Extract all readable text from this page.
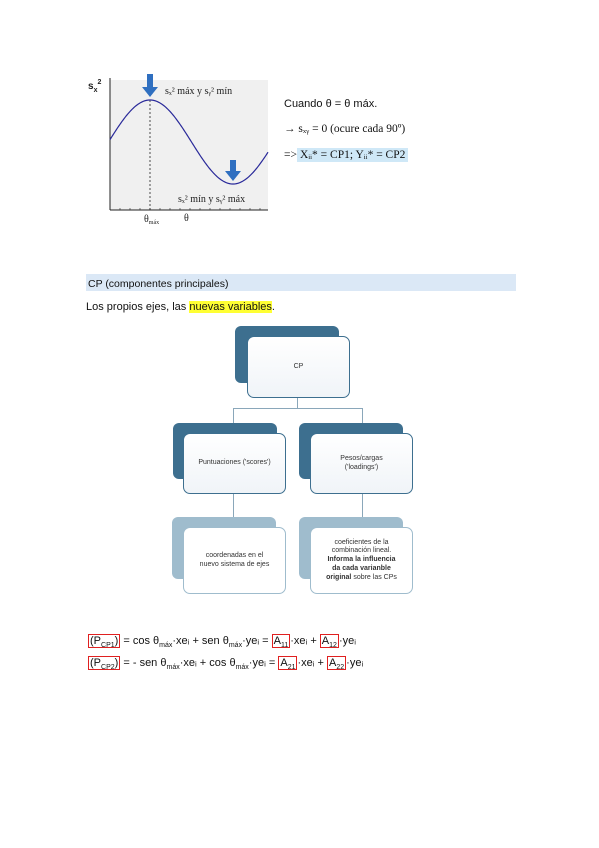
$s_x^2$
sₓ² máx y sᵧ² mín
sₓ² mín y sᵧ² máx
$\theta_{máx}$ θ
Cuando θ = θ máx.
→ sₓᵧ = 0 (ocure cada 90º)
=> Xᵢᵢ* = CP1; Yᵢᵢ* = CP2
CP (componentes principales)
Los propios ejes, las nuevas variables.
CP
Puntuaciones ('scores')
Pesos/cargas
('loadings')
coordenadas en el
nuevo sistema de ejes
coeficientes de la
combinación lineal.
Informa la influencia
da cada varianble
original sobre las CPs
$(P_{CP1}) = \cos$ $\theta_{máx}\cdot xeᵢ$ + sen $\theta_{máx}\cdot yeᵢ = A_{11}$ ·xeᵢ + $A_{12}$ ·yeᵢ
$(P_{CP2})$ = - sen $\theta_{máx}\cdot xeᵢ + \cos$ $\theta_{máx}\cdot yeᵢ = A_{21}$ ·xeᵢ + $A_{22}$ ·yeᵢ
